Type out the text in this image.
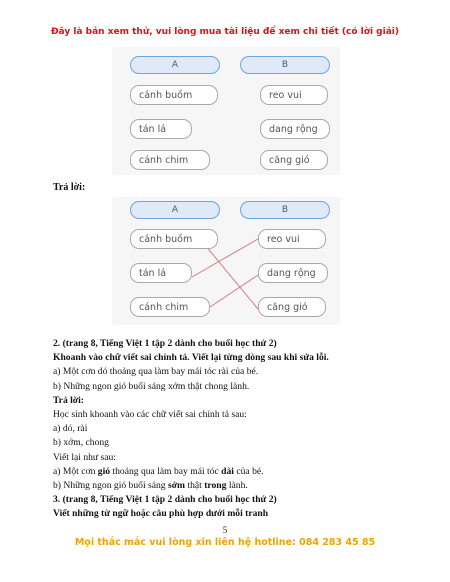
Đây là bản xem thử, vui lòng mua tài liệu để xem chi tiết (có lời giải)
A	B
cánh buồm
tán lá
cánh chim
reo vui
dang rộng
căng gió
Trả lời:
A	B
cánh buồm
tán lá
cánh chim
reo vui
dang rộng
căng gió
2. (trang 8, Tiếng Việt 1 tập 2 dành cho buổi học thứ 2)
Khoanh vào chữ viết sai chính tả. Viết lại từng dòng sau khi sửa lỗi.
a) Một cơn dó thoảng qua làm bay mái tóc rài của bé.
b) Những ngon gió buổi sáng xớm thật chong lành.
Trả lời:
Học sinh khoanh vào các chữ viết sai chính tả sau:
a) dó, rài
b) xớm, chong
Viết lại như sau:
a) Một cơn gió thoảng qua làm bay mái tóc dài của bé.
b) Những ngon gió buổi sáng sớm thật trong lành.
3. (trang 8, Tiếng Việt 1 tập 2 dành cho buổi học thứ 2)
Viết những từ ngữ hoặc câu phù hợp dưới mỗi tranh
5
Mọi thắc mắc vui lòng xin liên hệ hotline: 084 283 45 85
